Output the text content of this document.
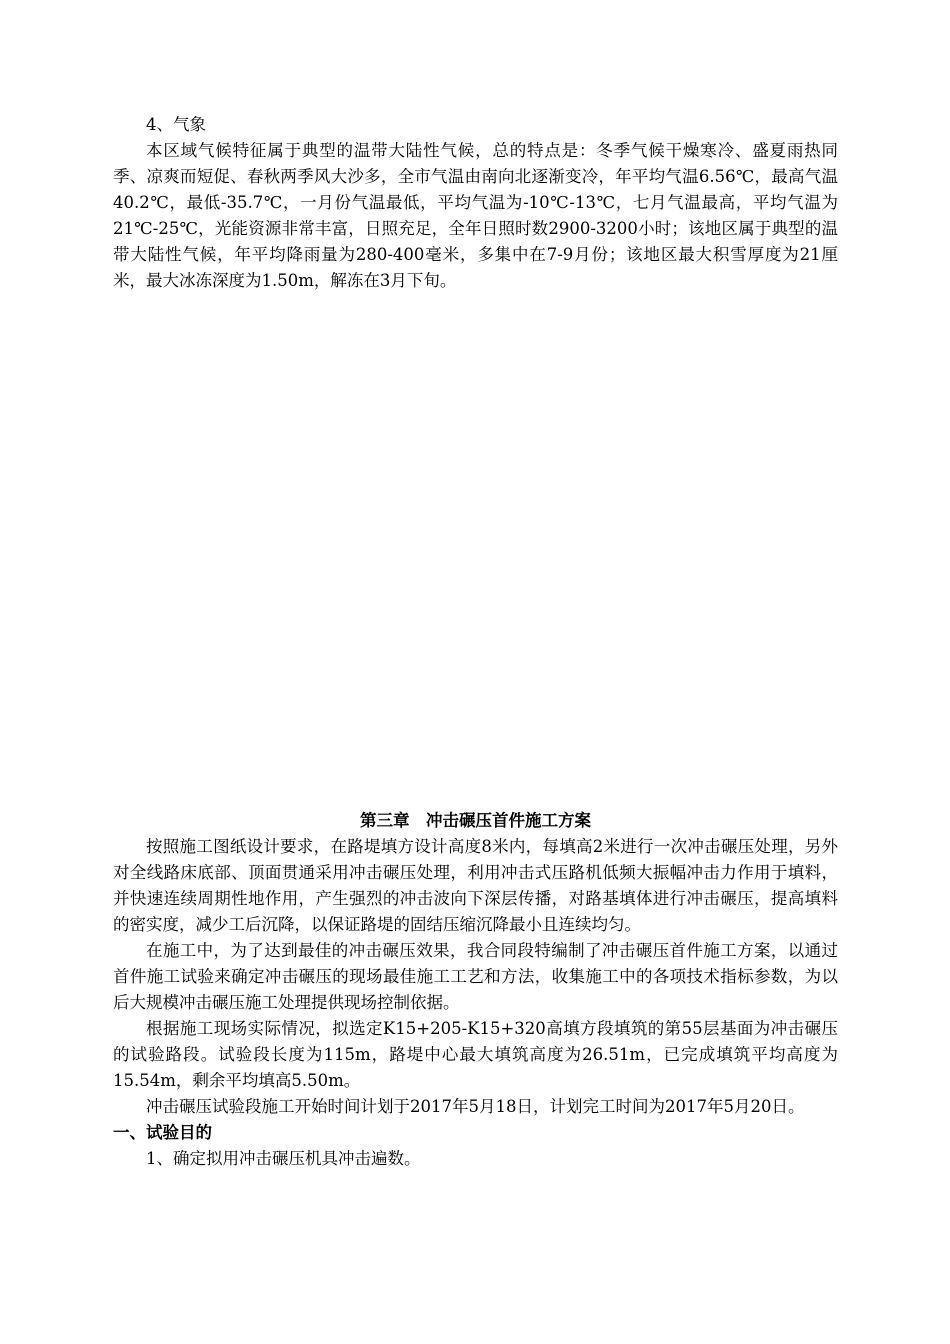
4、气象

本区域气候特征属于典型的温带大陆性气候，总的特点是：冬季气候干燥寒冷、盛夏雨热同季、凉爽而短促、春秋两季风大沙多，全市气温由南向北逐渐变冷，年平均气温6.56℃，最高气温40.2℃，最低-35.7℃，一月份气温最低，平均气温为-10℃-13℃，七月气温最高，平均气温为21℃-25℃，光能资源非常丰富，日照充足，全年日照时数2900-3200小时；该地区属于典型的温带大陆性气候，年平均降雨量为280-400毫米，多集中在7-9月份；该地区最大积雪厚度为21厘米，最大冰冻深度为1.50m，解冻在3月下旬。

第三章　冲击碾压首件施工方案

按照施工图纸设计要求，在路堤填方设计高度8米内，每填高2米进行一次冲击碾压处理，另外对全线路床底部、顶面贯通采用冲击碾压处理，利用冲击式压路机低频大振幅冲击力作用于填料，并快速连续周期性地作用，产生强烈的冲击波向下深层传播，对路基填体进行冲击碾压，提高填料的密实度，减少工后沉降，以保证路堤的固结压缩沉降最小且连续均匀。

在施工中，为了达到最佳的冲击碾压效果，我合同段特编制了冲击碾压首件施工方案，以通过首件施工试验来确定冲击碾压的现场最佳施工工艺和方法，收集施工中的各项技术指标参数，为以后大规模冲击碾压施工处理提供现场控制依据。

根据施工现场实际情况，拟选定K15+205-K15+320高填方段填筑的第55层基面为冲击碾压的试验路段。试验段长度为115m，路堤中心最大填筑高度为26.51m，已完成填筑平均高度为15.54m，剩余平均填高5.50m。

冲击碾压试验段施工开始时间计划于2017年5月18日，计划完工时间为2017年5月20日。

一、试验目的

1、确定拟用冲击碾压机具冲击遍数。
